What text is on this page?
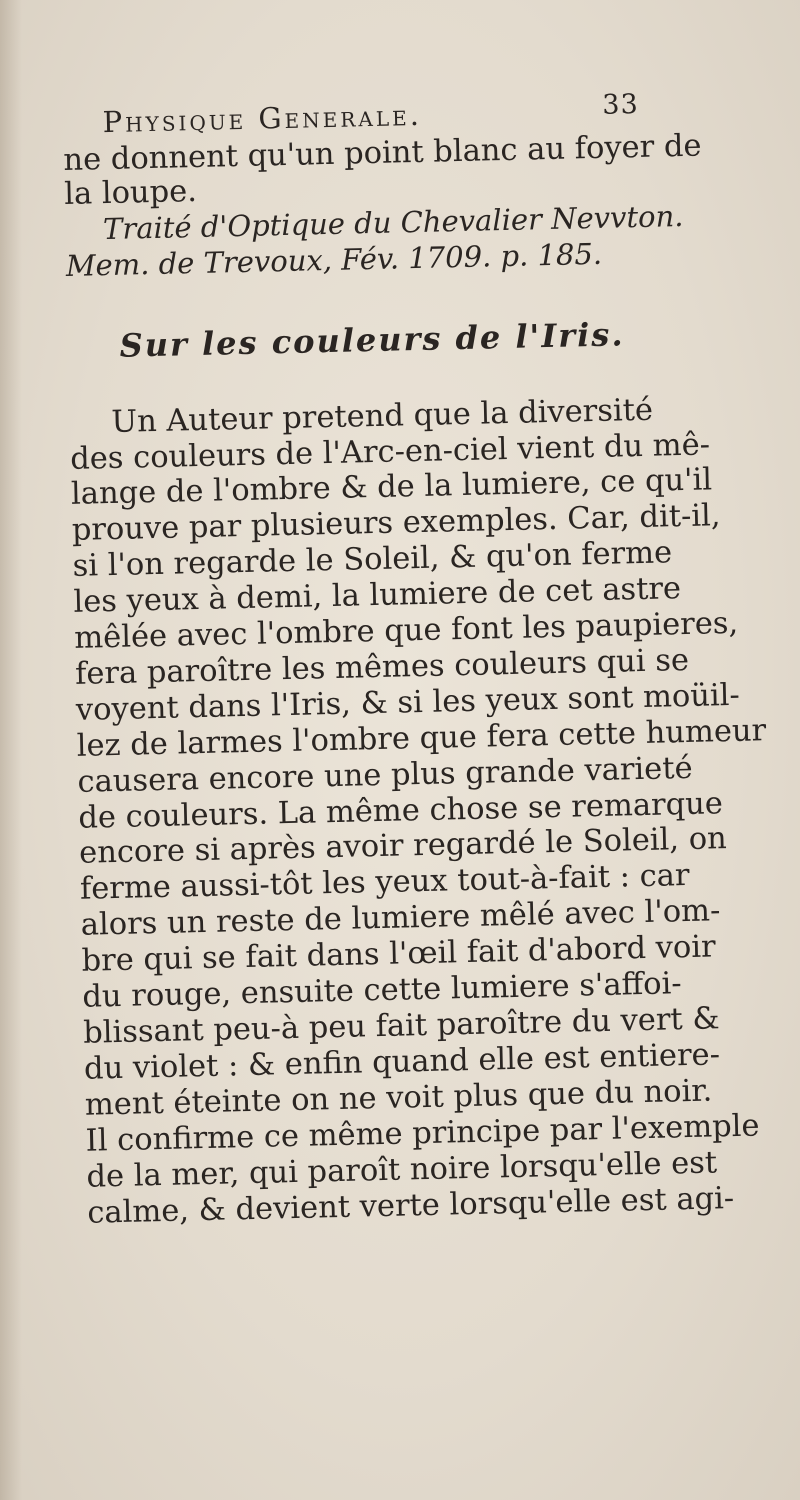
Physique Generale.	33

ne donnent qu'un point blanc au foyer de

la loupe.

Traité d'Optique du Chevalier Nevvton.

Mem. de Trevoux, Fév. 1709. p. 185.

Sur les couleurs de l'Iris.
Un Auteur pretend que la diversité
des couleurs de l'Arc-en-ciel vient du mê-
lange de l'ombre & de la lumiere, ce qu'il
prouve par plusieurs exemples. Car, dit-il,
si l'on regarde le Soleil, & qu'on ferme
les yeux à demi, la lumiere de cet astre
mêlée avec l'ombre que font les paupieres,
fera paroître les mêmes couleurs qui se
voyent dans l'Iris, & si les yeux sont moüil-
lez de larmes l'ombre que fera cette humeur
causera encore une plus grande varieté
de couleurs. La même chose se remarque
encore si après avoir regardé le Soleil, on
ferme aussi-tôt les yeux tout-à-fait : car
alors un reste de lumiere mêlé avec l'om-
bre qui se fait dans l'œil fait d'abord voir
du rouge, ensuite cette lumiere s'affoi-
blissant peu-à peu fait paroître du vert &
du violet : & enfin quand elle est entiere-
ment éteinte on ne voit plus que du noir.
Il confirme ce même principe par l'exemple
de la mer, qui paroît noire lorsqu'elle est
calme, & devient verte lorsqu'elle est agi-
